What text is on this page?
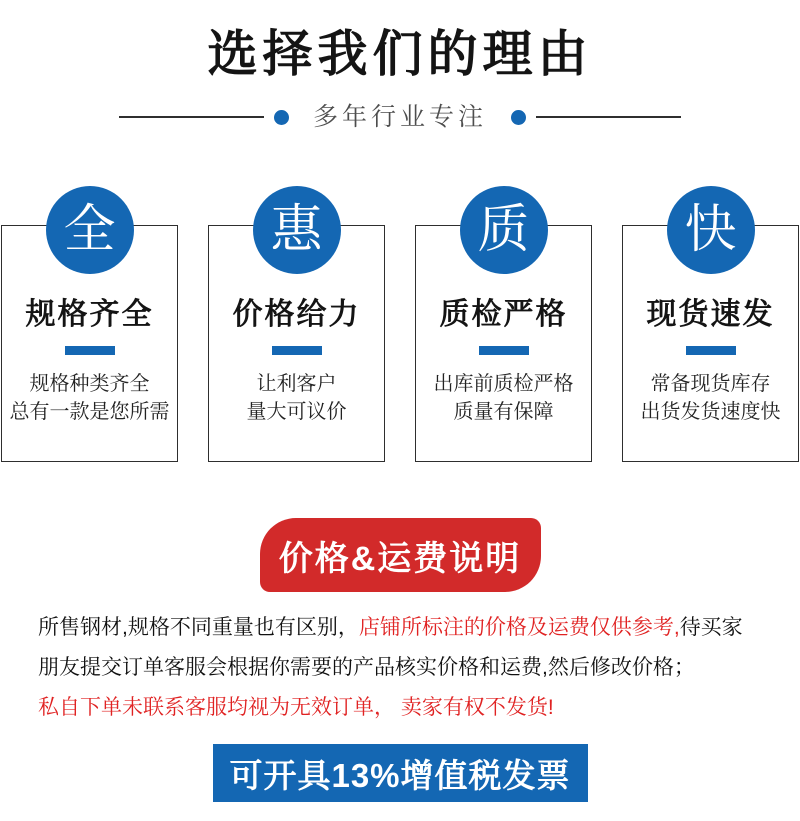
选择我们的理由
多年行业专注
全
规格齐全

规格种类齐全

总有一款是您所需

惠
价格给力

让利客户

量大可议价

质
质检严格

出库前质检严格

质量有保障

快
现货速发

常备现货库存

出货发货速度快

价格&运费说明

所售钢材,规格不同重量也有区别，店铺所标注的价格及运费仅供参考,待买家

朋友提交订单客服会根据你需要的产品核实价格和运费,然后修改价格；

私自下单未联系客服均视为无效订单， 卖家有权不发货!

可开具13%增值税发票
